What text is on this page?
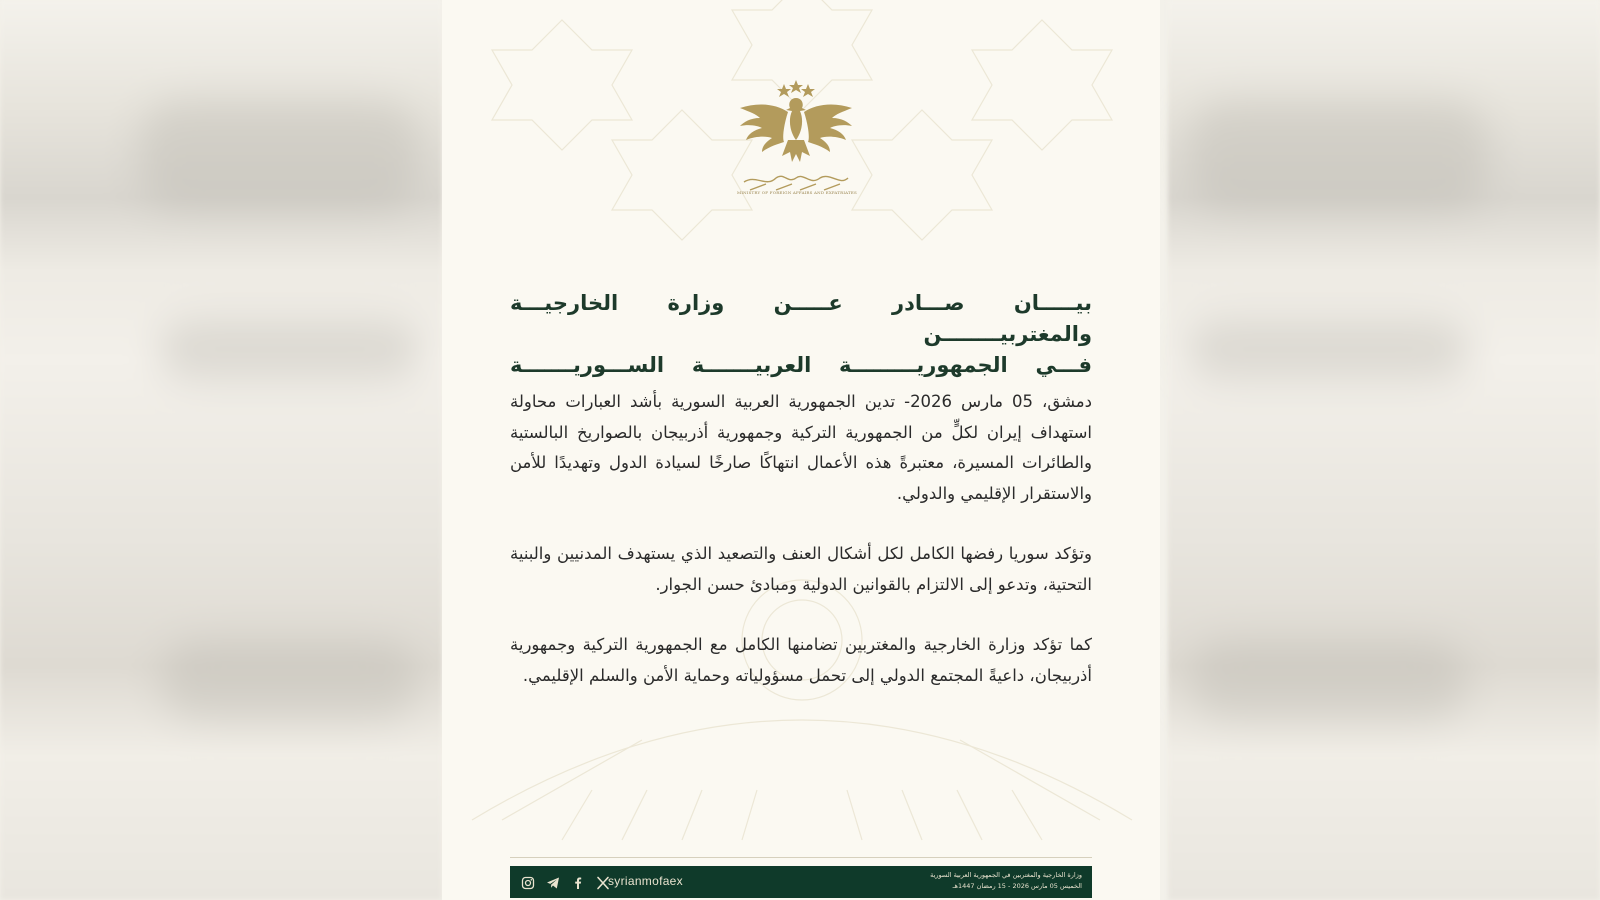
MINISTRY OF FOREIGN AFFAIRS AND EXPATRIATES
بيـــــان صـــادر عـــــن وزارة الخارجيـــة والمغتربيــــــــن
فـــي الجمهوريـــــــــة العربيـــــــة الســـوريـــــــة
دمشق، 05 مارس 2026- تدين الجمهورية العربية السورية بأشد العبارات محاولة استهداف إيران لكلٍّ من الجمهورية التركية وجمهورية أذربيجان بالصواريخ البالستية والطائرات المسيرة، معتبرةً هذه الأعمال انتهاكًا صارخًا لسيادة الدول وتهديدًا للأمن والاستقرار الإقليمي والدولي.
وتؤكد سوريا رفضها الكامل لكل أشكال العنف والتصعيد الذي يستهدف المدنيين والبنية التحتية، وتدعو إلى الالتزام بالقوانين الدولية ومبادئ حسن الجوار.
كما تؤكد وزارة الخارجية والمغتربين تضامنها الكامل مع الجمهورية التركية وجمهورية أذربيجان، داعيةً المجتمع الدولي إلى تحمل مسؤولياته وحماية الأمن والسلم الإقليمي.

syrianmofaex	وزارة الخارجية والمغتربين في الجمهورية العربية السورية
الخميس 05 مارس 2026 - 15 رمضان 1447هـ
